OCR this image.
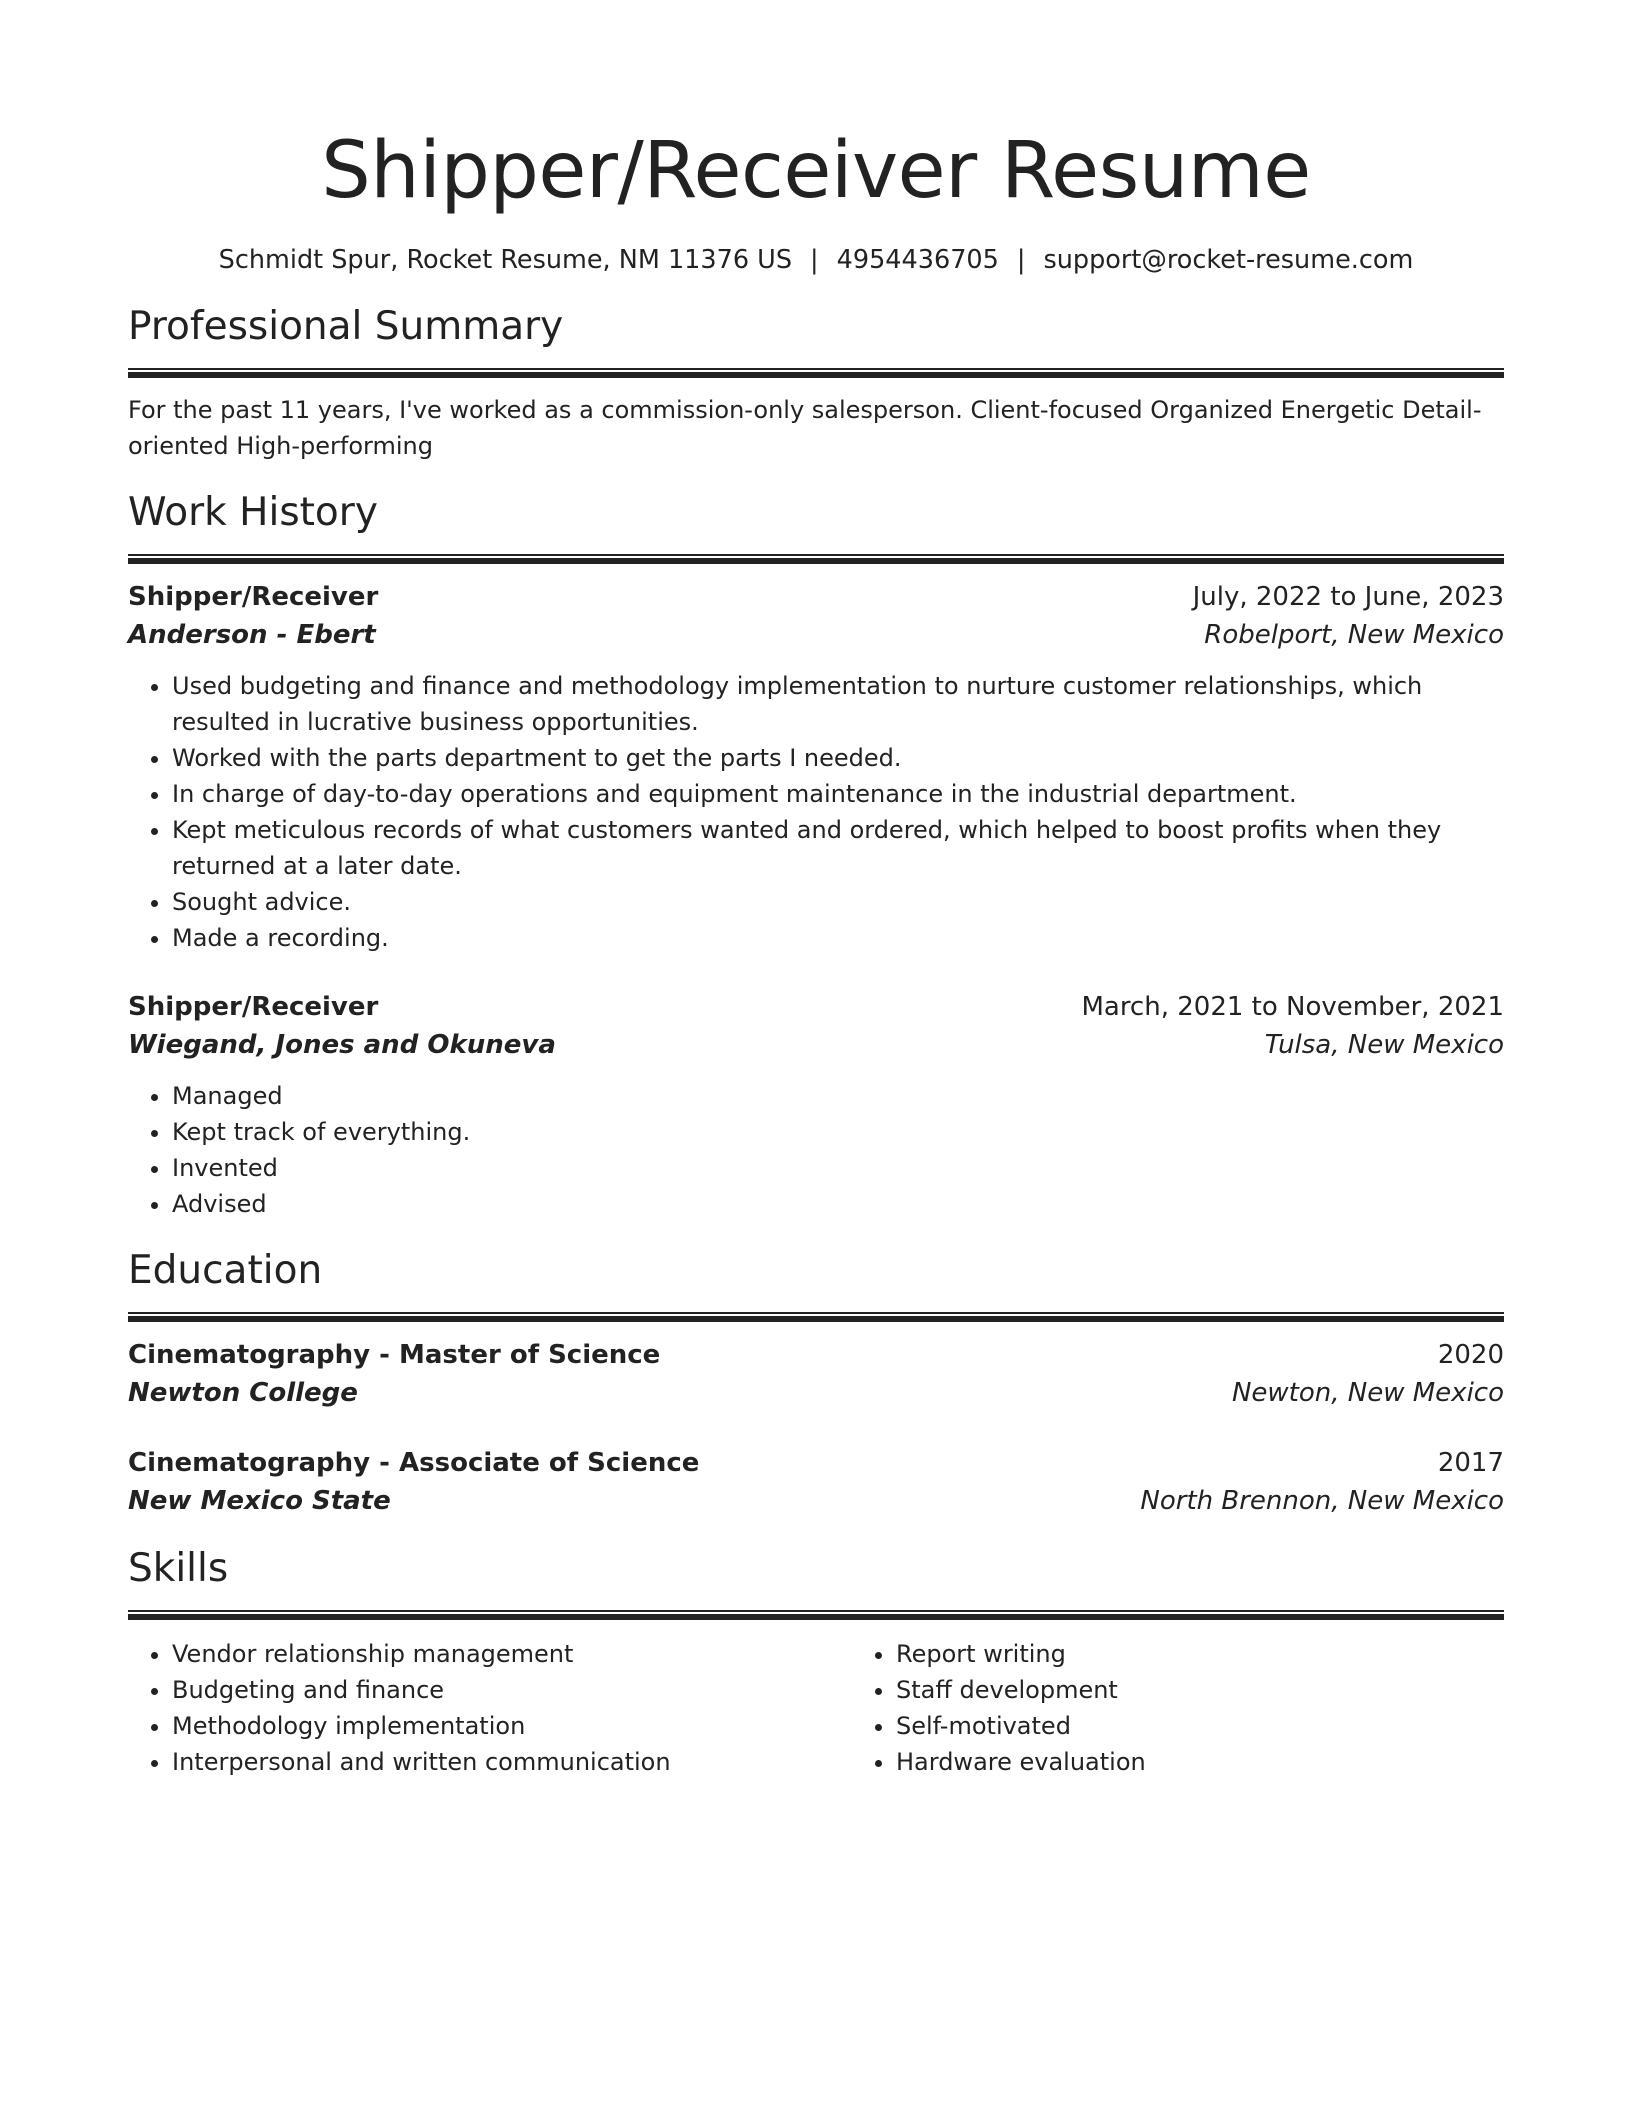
Shipper/Receiver Resume
Schmidt Spur, Rocket Resume, NM 11376 US | 4954436705 | support@rocket-resume.com
Professional Summary
For the past 11 years, I've worked as a commission-only salesperson. Client-focused Organized Energetic Detail-oriented High-performing
Work History
Shipper/Receiver	July, 2022 to June, 2023
Anderson - Ebert	Robelport, New Mexico
• Used budgeting and finance and methodology implementation to nurture customer relationships, which resulted in lucrative business opportunities.
• Worked with the parts department to get the parts I needed.
• In charge of day-to-day operations and equipment maintenance in the industrial department.
• Kept meticulous records of what customers wanted and ordered, which helped to boost profits when they returned at a later date.
• Sought advice.
• Made a recording.
Shipper/Receiver	March, 2021 to November, 2021
Wiegand, Jones and Okuneva	Tulsa, New Mexico
• Managed
• Kept track of everything.
• Invented
• Advised
Education
Cinematography - Master of Science	2020
Newton College	Newton, New Mexico
Cinematography - Associate of Science	2017
New Mexico State	North Brennon, New Mexico
Skills
• Vendor relationship management
• Budgeting and finance
• Methodology implementation
• Interpersonal and written communication
• Report writing
• Staff development
• Self-motivated
• Hardware evaluation
